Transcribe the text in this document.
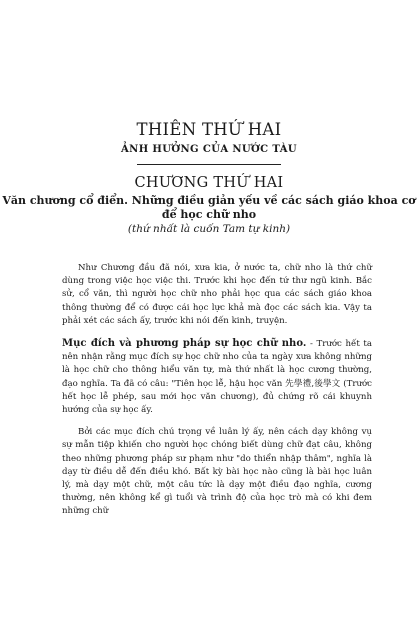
THIÊN THỨ HAI
ẢNH HƯỞNG CỦA NƯỚC TÀU
CHƯƠNG THỨ HAI
Văn chương cổ điển. Những điều giản yếu về các sách giáo khoa cơ để học chữ nho
(thứ nhất là cuốn Tam tự kinh)

Như Chương đầu đã nói, xưa kia, ở nước ta, chữ nho là thứ chữ dùng trong việc học việc thi. Trước khi học đến tứ thư ngũ kinh. Bắc sử, cổ văn, thì người học chữ nho phải học qua các sách giáo khoa thông thường để có được cái học lực khả mà đọc các sách kia. Vậy ta phải xét các sách ấy, trước khi nói đến kinh, truyện.

Mục đích và phương pháp sự học chữ nho. - Trước hết ta nên nhận rằng mục đích sự học chữ nho của ta ngày xưa không những là học chữ cho thông hiểu văn tự, mà thứ nhất là học cương thường, đạo nghĩa. Ta đã có câu: "Tiên học lễ, hậu học văn 先學禮,後學文 (Trước hết học lễ phép, sau mới học văn chương), đủ chứng rõ cái khuynh hướng của sự học ấy.

Bởi các mục đích chú trọng về luân lý ấy, nên cách dạy không vụ sự mẫn tiệp khiến cho người học chóng biết dùng chữ đạt câu, không theo những phương pháp sư phạm như "do thiển nhập thâm", nghĩa là dạy từ điều dễ đến điều khó. Bất kỳ bài học nào cũng là bài học luân lý, mà dạy một chữ, một câu tức là dạy một điều đạo nghĩa, cương thường, nên không kể gì tuổi và trình độ của học trò mà có khi đem những chữ
